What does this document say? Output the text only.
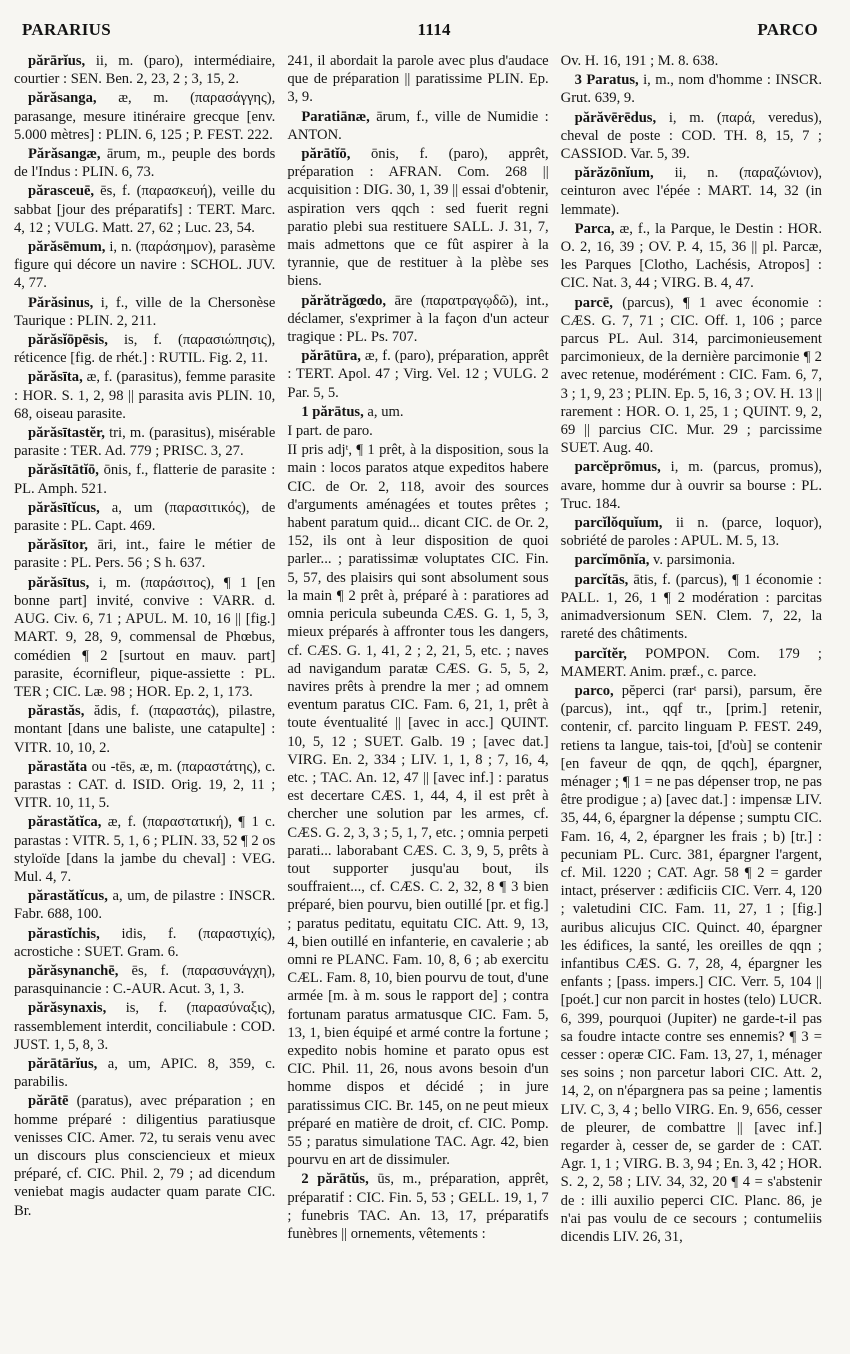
PARARIUS	1114	PARCO

părārĭus, ii, m. (paro), intermédiaire, courtier : SEN. Ben. 2, 23, 2 ; 3, 15, 2.

părăsanga, æ, m. (παρασάγγης), parasange, mesure itinéraire grecque [env. 5.000 mètres] : PLIN. 6, 125 ; P. FEST. 222.

Părăsangæ, ārum, m., peuple des bords de l'Indus : PLIN. 6, 73.

părasceuē, ēs, f. (παρασκευή), veille du sabbat [jour des préparatifs] : TERT. Marc. 4, 12 ; VULG. Matt. 27, 62 ; Luc. 23, 54.

părăsēmum, i, n. (παράσημον), parasème figure qui décore un navire : SCHOL. JUV. 4, 77.

Părăsinus, i, f., ville de la Chersonèse Taurique : PLIN. 2, 211.

părăsĭōpēsis, is, f. (παρασιώπησις), réticence [fig. de rhét.] : RUTIL. Fig. 2, 11.

părăsīta, æ, f. (parasitus), femme parasite : HOR. S. 1, 2, 98 || parasita avis PLIN. 10, 68, oiseau parasite.

părăsītastĕr, tri, m. (parasitus), misérable parasite : TER. Ad. 779 ; PRISC. 3, 27.

părăsītātĭō, ōnis, f., flatterie de parasite : PL. Amph. 521.

părăsītĭcus, a, um (παρασιτικός), de parasite : PL. Capt. 469.

părăsītor, āri, int., faire le métier de parasite : PL. Pers. 56 ; S h. 637.

părăsītus, i, m. (παράσιτος), ¶ 1 [en bonne part] invité, convive : VARR. d. AUG. Civ. 6, 71 ; APUL. M. 10, 16 || [fig.] MART. 9, 28, 9, commensal de Phœbus, comédien ¶ 2 [surtout en mauv. part] parasite, écornifleur, pique-assiette : PL. TER ; CIC. Læ. 98 ; HOR. Ep. 2, 1, 173.

părastăs, ădis, f. (παραστάς), pilastre, montant [dans une baliste, une catapulte] : VITR. 10, 10, 2.

părastăta ou -tēs, æ, m. (παραστάτης), c. parastas : CAT. d. ISID. Orig. 19, 2, 11 ; VITR. 10, 11, 5.

părastătĭca, æ, f. (παραστατική), ¶ 1 c. parastas : VITR. 5, 1, 6 ; PLIN. 33, 52 ¶ 2 os styloïde [dans la jambe du cheval] : VEG. Mul. 4, 7.

părastătĭcus, a, um, de pilastre : INSCR. Fabr. 688, 100.

părastĭchis, idis, f. (παραστιχίς), acrostiche : SUET. Gram. 6.

părăsynanchē, ēs, f. (παρασυνάγχη), parasquinancie : C.-AUR. Acut. 3, 1, 3.

părăsynaxis, is, f. (παρασύναξις), rassemblement interdit, conciliabule : COD. JUST. 1, 5, 8, 3.

părātārĭus, a, um, APIC. 8, 359, c. parabilis.

părātē (paratus), avec préparation ; en homme préparé : diligentius paratiusque venisses CIC. Amer. 72, tu serais venu avec un discours plus consciencieux et mieux préparé, cf. CIC. Phil. 2, 79 ; ad dicendum veniebat magis audacter quam parate CIC. Br.

241, il abordait la parole avec plus d'audace que de préparation || paratissime PLIN. Ep. 3, 9.

Paratiānæ, ārum, f., ville de Numidie : ANTON.

părātĭō, ōnis, f. (paro), apprêt, préparation : AFRAN. Com. 268 || acquisition : DIG. 30, 1, 39 || essai d'obtenir, aspiration vers qqch : sed fuerit regni paratio plebi sua restituere SALL. J. 31, 7, mais admettons que ce fût aspirer à la tyrannie, que de restituer à la plèbe ses biens.

părătrăgœdo, āre (παρατραγῳδῶ), int., déclamer, s'exprimer à la façon d'un acteur tragique : PL. Ps. 707.

părātūra, æ, f. (paro), préparation, apprêt : TERT. Apol. 47 ; Virg. Vel. 12 ; VULG. 2 Par. 5, 5.

1 părātus, a, um.

I part. de paro.

II pris adjᵗ, ¶ 1 prêt, à la disposition, sous la main : locos paratos atque expeditos habere CIC. de Or. 2, 118, avoir des sources d'arguments aménagées et toutes prêtes ; habent paratum quid... dicant CIC. de Or. 2, 152, ils ont à leur disposition de quoi parler... ; paratissimæ voluptates CIC. Fin. 5, 57, des plaisirs qui sont absolument sous la main ¶ 2 prêt à, préparé à : paratiores ad omnia pericula subeunda CÆS. G. 1, 5, 3, mieux préparés à affronter tous les dangers, cf. CÆS. G. 1, 41, 2 ; 2, 21, 5, etc. ; naves ad navigandum paratæ CÆS. G. 5, 5, 2, navires prêts à prendre la mer ; ad omnem eventum paratus CIC. Fam. 6, 21, 1, prêt à toute éventualité || [avec in acc.] QUINT. 10, 5, 12 ; SUET. Galb. 19 ; [avec dat.] VIRG. En. 2, 334 ; LIV. 1, 1, 8 ; 7, 16, 4, etc. ; TAC. An. 12, 47 || [avec inf.] : paratus est decertare CÆS. 1, 44, 4, il est prêt à chercher une solution par les armes, cf. CÆS. G. 2, 3, 3 ; 5, 1, 7, etc. ; omnia perpeti parati... laborabant CÆS. C. 3, 9, 5, prêts à tout supporter jusqu'au bout, ils souffraient..., cf. CÆS. C. 2, 32, 8 ¶ 3 bien préparé, bien pourvu, bien outillé [pr. et fig.] ; paratus peditatu, equitatu CIC. Att. 9, 13, 4, bien outillé en infanterie, en cavalerie ; ab omni re PLANC. Fam. 10, 8, 6 ; ab exercitu CÆL. Fam. 8, 10, bien pourvu de tout, d'une armée [m. à m. sous le rapport de] ; contra fortunam paratus armatusque CIC. Fam. 5, 13, 1, bien équipé et armé contre la fortune ; expedito nobis homine et parato opus est CIC. Phil. 11, 26, nous avons besoin d'un homme dispos et décidé ; in jure paratissimus CIC. Br. 145, on ne peut mieux préparé en matière de droit, cf. CIC. Pomp. 55 ; paratus simulatione TAC. Agr. 42, bien pourvu en art de dissimuler.

2 părātŭs, ūs, m., préparation, apprêt, préparatif : CIC. Fin. 5, 53 ; GELL. 19, 1, 7 ; funebris TAC. An. 13, 17, préparatifs funèbres || ornements, vêtements :

Ov. H. 16, 191 ; M. 8. 638.

3 Paratus, i, m., nom d'homme : INSCR. Grut. 639, 9.

părăvērēdus, i, m. (παρά, veredus), cheval de poste : COD. TH. 8, 15, 7 ; CASSIOD. Var. 5, 39.

părăzōnĭum, ii, n. (παραζώνιον), ceinturon avec l'épée : MART. 14, 32 (in lemmate).

Parca, æ, f., la Parque, le Destin : HOR. O. 2, 16, 39 ; OV. P. 4, 15, 36 || pl. Parcæ, les Parques [Clotho, Lachésis, Atropos] : CIC. Nat. 3, 44 ; VIRG. B. 4, 47.

parcē, (parcus), ¶ 1 avec économie : CÆS. G. 7, 71 ; CIC. Off. 1, 106 ; parce parcus PL. Aul. 314, parcimonieusement parcimonieux, de la dernière parcimonie ¶ 2 avec retenue, modérément : CIC. Fam. 6, 7, 3 ; 1, 9, 23 ; PLIN. Ep. 5, 16, 3 ; OV. H. 13 || rarement : HOR. O. 1, 25, 1 ; QUINT. 9, 2, 69 || parcius CIC. Mur. 29 ; parcissime SUET. Aug. 40.

parcĕprōmus, i, m. (parcus, promus), avare, homme dur à ouvrir sa bourse : PL. Truc. 184.

parcĭlŏquĭum, ii n. (parce, loquor), sobriété de paroles : APUL. M. 5, 13.

parcĭmōnĭa, v. parsimonia.

parcĭtās, ātis, f. (parcus), ¶ 1 économie : PALL. 1, 26, 1 ¶ 2 modération : parcitas animadversionum SEN. Clem. 7, 22, la rareté des châtiments.

parcĭtĕr, POMPON. Com. 179 ; MAMERT. Anim. præf., c. parce.

parco, pĕperci (rarᵗ parsi), parsum, ĕre (parcus), int., qqf tr., [prim.] retenir, contenir, cf. parcito linguam P. FEST. 249, retiens ta langue, tais-toi, [d'où] se contenir [en faveur de qqn, de qqch], épargner, ménager ; ¶ 1 = ne pas dépenser trop, ne pas être prodigue ; a) [avec dat.] : impensæ LIV. 35, 44, 6, épargner la dépense ; sumptu CIC. Fam. 16, 4, 2, épargner les frais ; b) [tr.] : pecuniam PL. Curc. 381, épargner l'argent, cf. Mil. 1220 ; CAT. Agr. 58 ¶ 2 = garder intact, préserver : ædificiis CIC. Verr. 4, 120 ; valetudini CIC. Fam. 11, 27, 1 ; [fig.] auribus alicujus CIC. Quinct. 40, épargner les édifices, la santé, les oreilles de qqn ; infantibus CÆS. G. 7, 28, 4, épargner les enfants ; [pass. impers.] CIC. Verr. 5, 104 || [poét.] cur non parcit in hostes (telo) LUCR. 6, 399, pourquoi (Jupiter) ne garde-t-il pas sa foudre intacte contre ses ennemis? ¶ 3 = cesser : operæ CIC. Fam. 13, 27, 1, ménager ses soins ; non parcetur labori CIC. Att. 2, 14, 2, on n'épargnera pas sa peine ; lamentis LIV. C, 3, 4 ; bello VIRG. En. 9, 656, cesser de pleurer, de combattre || [avec inf.] regarder à, cesser de, se garder de : CAT. Agr. 1, 1 ; VIRG. B. 3, 94 ; En. 3, 42 ; HOR. S. 2, 2, 58 ; LIV. 34, 32, 20 ¶ 4 = s'abstenir de : illi auxilio peperci CIC. Planc. 86, je n'ai pas voulu de ce secours ; contumeliis dicendis LIV. 26, 31,
